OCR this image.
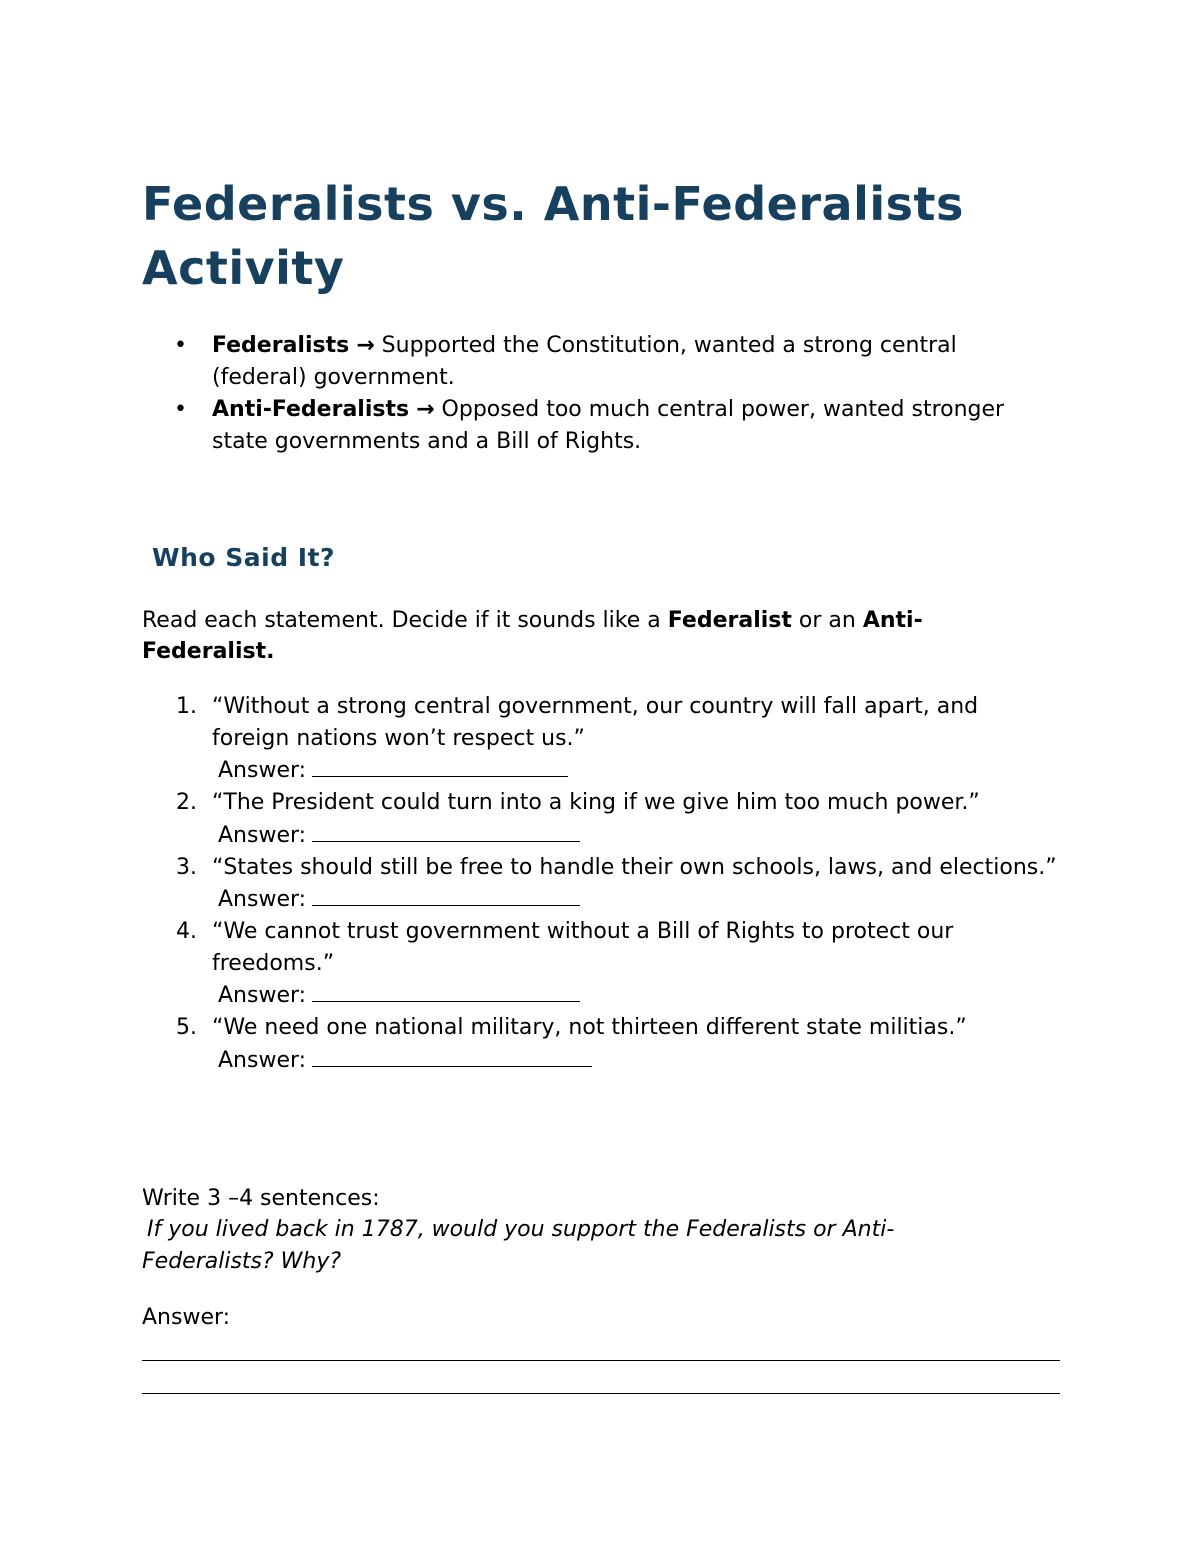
Federalists vs. Anti-Federalists Activity
• Federalists → Supported the Constitution, wanted a strong central (federal) government.
• Anti-Federalists → Opposed too much central power, wanted stronger state governments and a Bill of Rights.
Who Said It?

Read each statement. Decide if it sounds like a Federalist or an Anti-Federalist.

1. “Without a strong central government, our country will fall apart, and foreign nations won’t respect us.”
Answer:
2. “The President could turn into a king if we give him too much power.”
Answer:
3. “States should still be free to handle their own schools, laws, and elections.”
Answer:
4. “We cannot trust government without a Bill of Rights to protect our freedoms.”
Answer:
5. “We need one national military, not thirteen different state militias.”
Answer:

Write 3 –4 sentences:

If you lived back in 1787, would you support the Federalists or Anti-Federalists? Why?

Answer:
